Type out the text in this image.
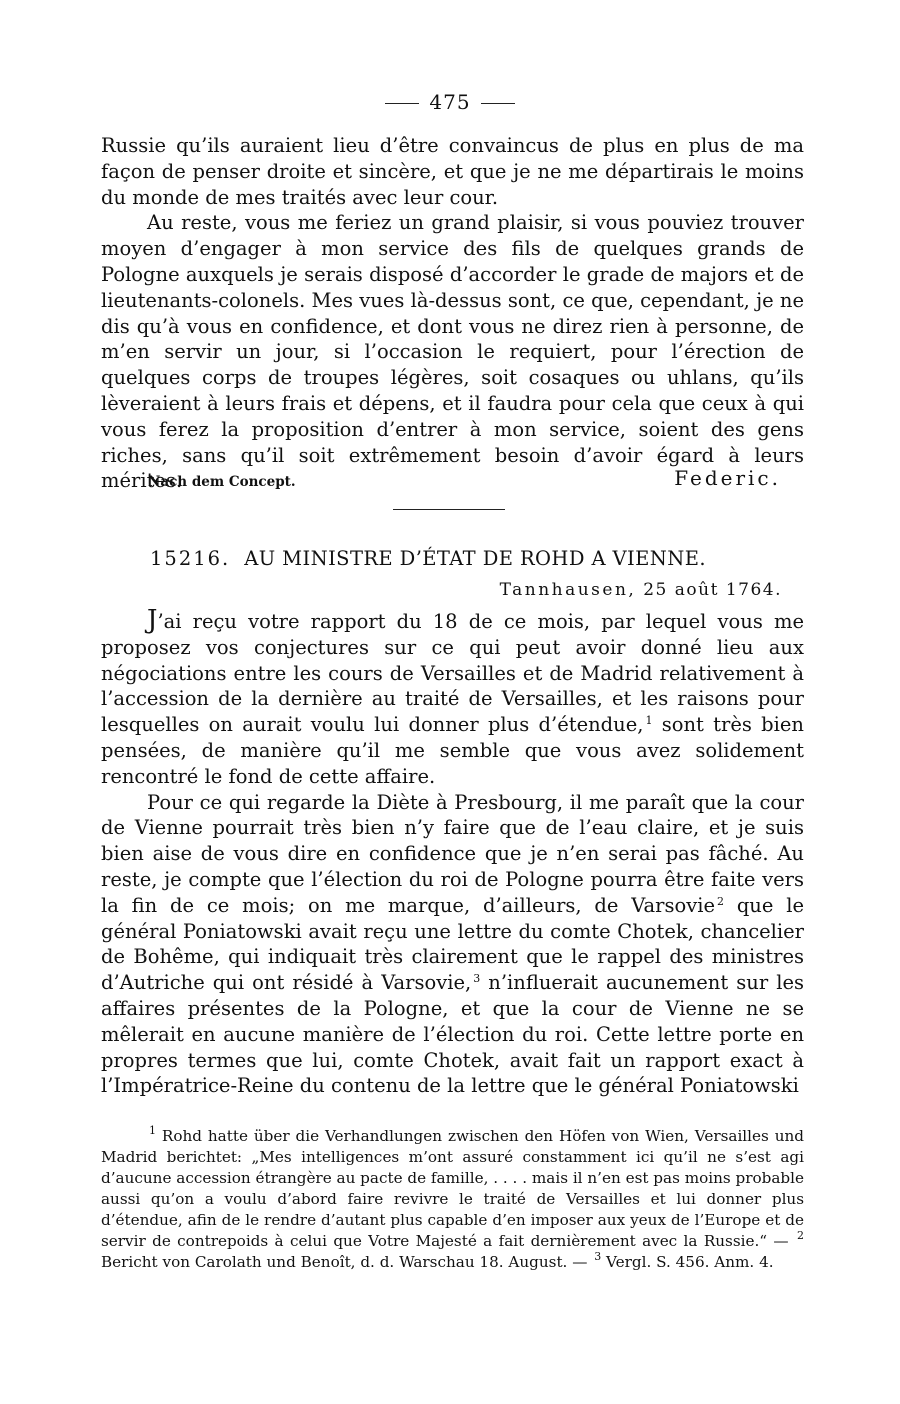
475

Russie qu’ils auraient lieu d’être convaincus de plus en plus de ma façon de penser droite et sincère, et que je ne me départirais le moins du monde de mes traités avec leur cour.

Au reste, vous me feriez un grand plaisir, si vous pouviez trouver moyen d’engager à mon service des fils de quelques grands de Pologne auxquels je serais disposé d’accorder le grade de majors et de lieutenants-colonels. Mes vues là-dessus sont, ce que, cependant, je ne dis qu’à vous en confidence, et dont vous ne direz rien à personne, de m’en servir un jour, si l’occasion le requiert, pour l’érection de quelques corps de troupes légères, soit cosaques ou uhlans, qu’ils lèveraient à leurs frais et dépens, et il faudra pour cela que ceux à qui vous ferez la proposition d’entrer à mon service, soient des gens riches, sans qu’il soit extrêmement besoin d’avoir égard à leurs mérites.

Nach dem Concept.	Federic.
15216. AU MINISTRE D’ÉTAT DE ROHD A VIENNE.
Tannhausen, 25 août 1764.

J’ai reçu votre rapport du 18 de ce mois, par lequel vous me proposez vos conjectures sur ce qui peut avoir donné lieu aux négociations entre les cours de Versailles et de Madrid relativement à l’accession de la dernière au traité de Versailles, et les raisons pour lesquelles on aurait voulu lui donner plus d’étendue, $^1$ sont très bien pensées, de manière qu’il me semble que vous avez solidement rencontré le fond de cette affaire.

Pour ce qui regarde la Diète à Presbourg, il me paraît que la cour de Vienne pourrait très bien n’y faire que de l’eau claire, et je suis bien aise de vous dire en confidence que je n’en serai pas fâché. Au reste, je compte que l’élection du roi de Pologne pourra être faite vers la fin de ce mois; on me marque, d’ailleurs, de Varsovie $^2$ que le général Poniatowski avait reçu une lettre du comte Chotek, chancelier de Bohême, qui indiquait très clairement que le rappel des ministres d’Autriche qui ont résidé à Varsovie, $^3$ n’influerait aucunement sur les affaires présentes de la Pologne, et que la cour de Vienne ne se mêlerait en aucune manière de l’élection du roi. Cette lettre porte en propres termes que lui, comte Chotek, avait fait un rapport exact à l’Impératrice-Reine du contenu de la lettre que le général Poniatowski

$^1$ Rohd hatte über die Verhandlungen zwischen den Höfen von Wien, Versailles und Madrid berichtet: „Mes intelligences m’ont assuré constamment ici qu’il ne s’est agi d’aucune accession étrangère au pacte de famille, . . . . mais il n’en est pas moins probable aussi qu’on a voulu d’abord faire revivre le traité de Versailles et lui donner plus d’étendue, afin de le rendre d’autant plus capable d’en imposer aux yeux de l’Europe et de servir de contrepoids à celui que Votre Majesté a fait dernièrement avec la Russie.“ — $^2$ Bericht von Carolath und Benoît, d. d. Warschau 18. August. — $^3$ Vergl. S. 456. Anm. 4.
